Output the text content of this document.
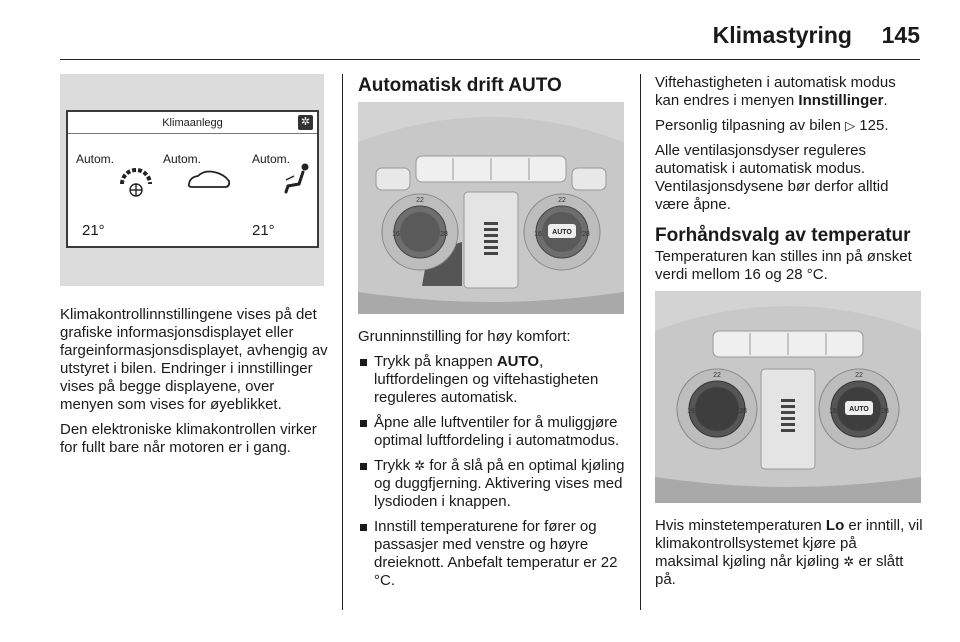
Klimastyring 145
Klimaanlegg	✲
Autom.	Autom.	Autom.
21°	21°

Klimakontrollinnstillingene vises på det grafiske informasjonsdisplayet eller fargeinformasjonsdisplayet, avhengig av utstyret i bilen. Endringer i innstillinger vises på begge displayene, over menyen som vises for øyeblikket.

Den elektroniske klimakontrollen virker for fullt bare når motoren er i gang.

Automatisk drift AUTO
22
16	28
22
16	28
AUTO

Grunninnstilling for høy komfort:

Trykk på knappen AUTO, luftfordelingen og viftehastigheten reguleres automatisk.
Åpne alle luftventiler for å muliggjøre optimal luftfordeling i automatmodus.
Trykk ✲ for å slå på en optimal kjøling og duggfjerning. Aktivering vises med lysdioden i knappen.
Innstill temperaturene for fører og passasjer med venstre og høyre dreieknott. Anbefalt temperatur er 22 °C.

Viftehastigheten i automatisk modus kan endres i menyen Innstillinger.

Personlig tilpasning av bilen ▷ 125.

Alle ventilasjonsdyser reguleres automatisk i automatisk modus. Ventilasjonsdysene bør derfor alltid være åpne.

Forhåndsvalg av temperatur

Temperaturen kan stilles inn på ønsket verdi mellom 16 og 28 °C.

22
16	28
22
16	28
AUTO

Hvis minstetemperaturen Lo er inntill, vil klimakontrollsystemet kjøre på maksimal kjøling når kjøling ✲ er slått på.
